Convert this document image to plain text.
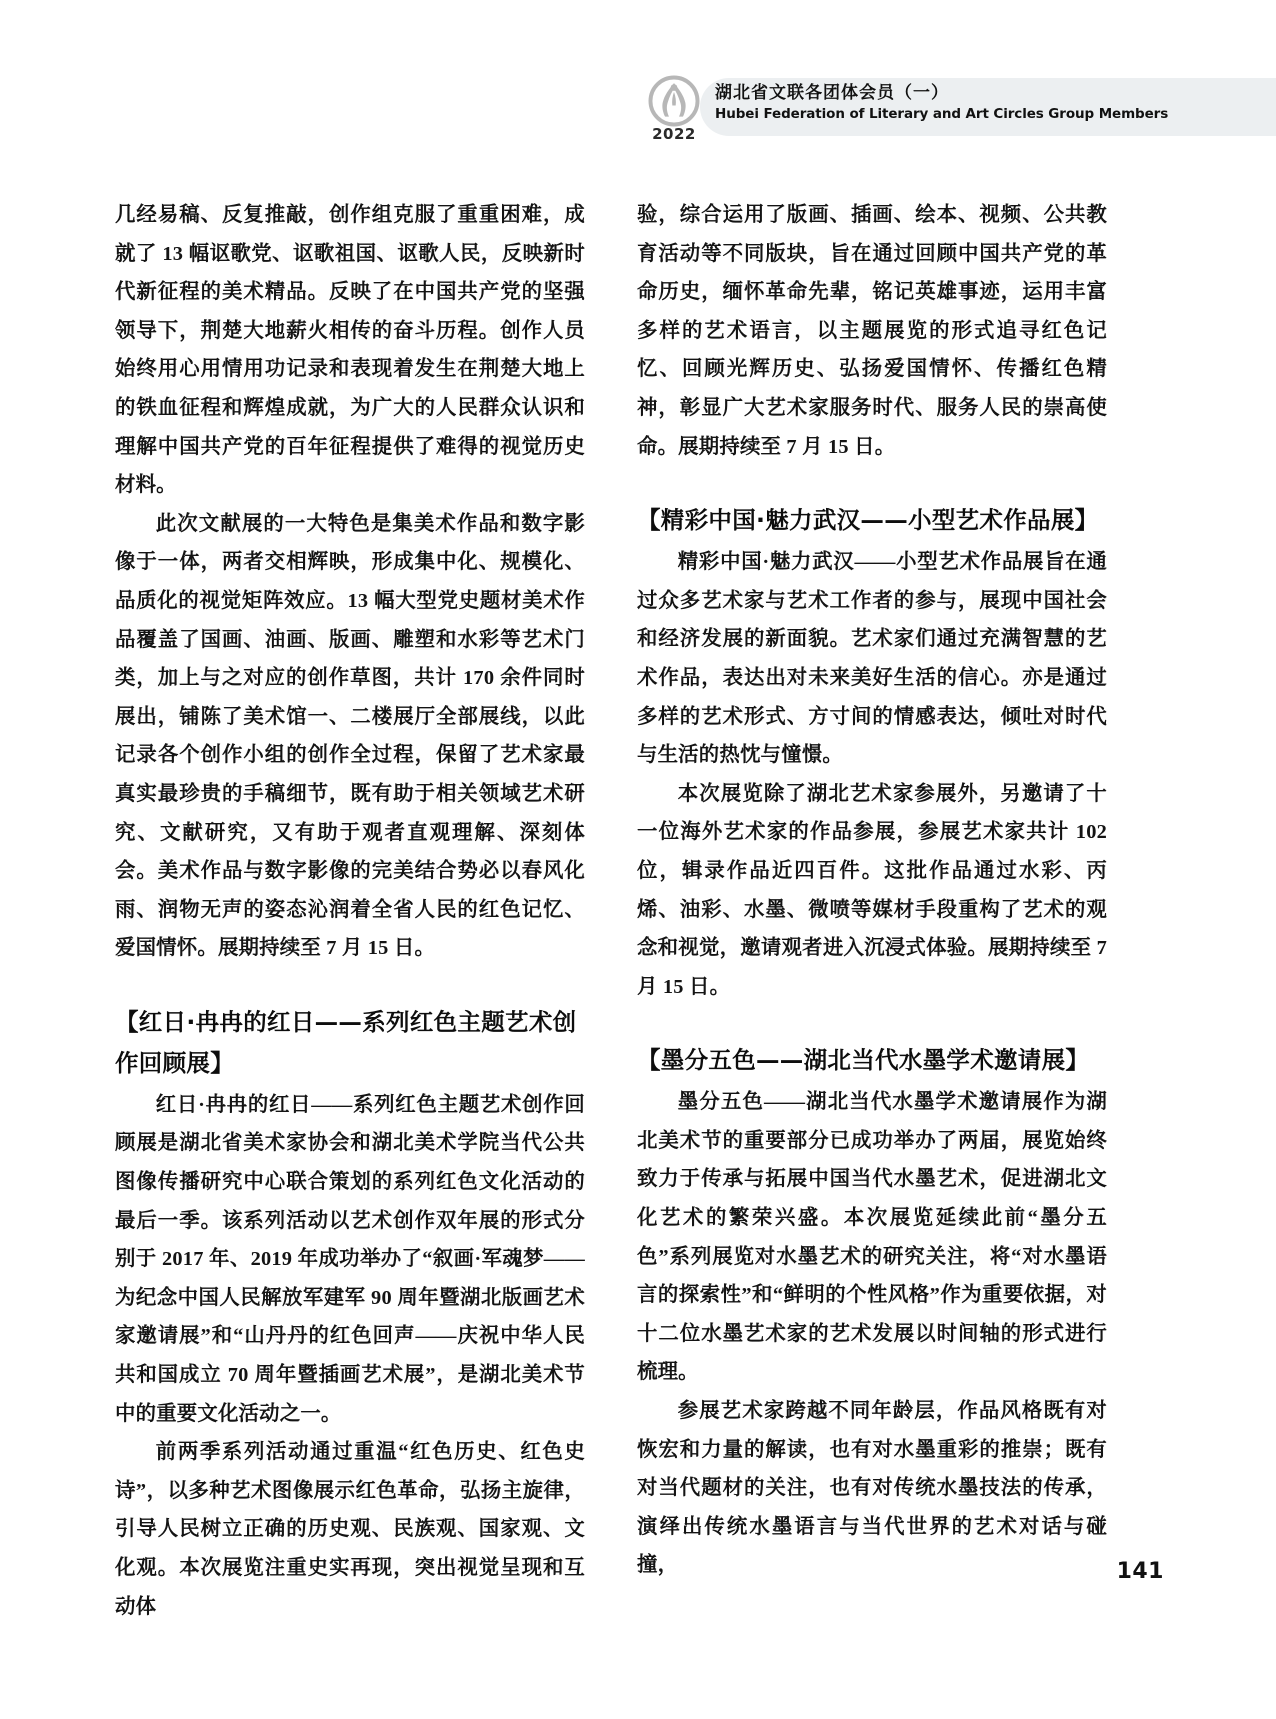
2022
湖北省文联各团体会员（一）
Hubei Federation of Literary and Art Circles Group Members

几经易稿、反复推敲，创作组克服了重重困难，成就了 13 幅讴歌党、讴歌祖国、讴歌人民，反映新时代新征程的美术精品。反映了在中国共产党的坚强领导下，荆楚大地薪火相传的奋斗历程。创作人员始终用心用情用功记录和表现着发生在荆楚大地上的铁血征程和辉煌成就，为广大的人民群众认识和理解中国共产党的百年征程提供了难得的视觉历史材料。

此次文献展的一大特色是集美术作品和数字影像于一体，两者交相辉映，形成集中化、规模化、品质化的视觉矩阵效应。13 幅大型党史题材美术作品覆盖了国画、油画、版画、雕塑和水彩等艺术门类，加上与之对应的创作草图，共计 170 余件同时展出，铺陈了美术馆一、二楼展厅全部展线，以此记录各个创作小组的创作全过程，保留了艺术家最真实最珍贵的手稿细节，既有助于相关领域艺术研究、文献研究，又有助于观者直观理解、深刻体会。美术作品与数字影像的完美结合势必以春风化雨、润物无声的姿态沁润着全省人民的红色记忆、爱国情怀。展期持续至 7 月 15 日。

【红日·冉冉的红日——系列红色主题艺术创作回顾展】

红日·冉冉的红日——系列红色主题艺术创作回顾展是湖北省美术家协会和湖北美术学院当代公共图像传播研究中心联合策划的系列红色文化活动的最后一季。该系列活动以艺术创作双年展的形式分别于 2017 年、2019 年成功举办了“叙画·军魂梦——为纪念中国人民解放军建军 90 周年暨湖北版画艺术家邀请展”和“山丹丹的红色回声——庆祝中华人民共和国成立 70 周年暨插画艺术展”，是湖北美术节中的重要文化活动之一。

前两季系列活动通过重温“红色历史、红色史诗”，以多种艺术图像展示红色革命，弘扬主旋律，引导人民树立正确的历史观、民族观、国家观、文化观。本次展览注重史实再现，突出视觉呈现和互动体

验，综合运用了版画、插画、绘本、视频、公共教育活动等不同版块，旨在通过回顾中国共产党的革命历史，缅怀革命先辈，铭记英雄事迹，运用丰富多样的艺术语言，以主题展览的形式追寻红色记忆、回顾光辉历史、弘扬爱国情怀、传播红色精神，彰显广大艺术家服务时代、服务人民的崇高使命。展期持续至 7 月 15 日。

【精彩中国·魅力武汉——小型艺术作品展】

精彩中国·魅力武汉——小型艺术作品展旨在通过众多艺术家与艺术工作者的参与，展现中国社会和经济发展的新面貌。艺术家们通过充满智慧的艺术作品，表达出对未来美好生活的信心。亦是通过多样的艺术形式、方寸间的情感表达，倾吐对时代与生活的热忱与憧憬。

本次展览除了湖北艺术家参展外，另邀请了十一位海外艺术家的作品参展，参展艺术家共计 102 位，辑录作品近四百件。这批作品通过水彩、丙烯、油彩、水墨、微喷等媒材手段重构了艺术的观念和视觉，邀请观者进入沉浸式体验。展期持续至 7 月 15 日。

【墨分五色——湖北当代水墨学术邀请展】

墨分五色——湖北当代水墨学术邀请展作为湖北美术节的重要部分已成功举办了两届，展览始终致力于传承与拓展中国当代水墨艺术，促进湖北文化艺术的繁荣兴盛。本次展览延续此前“墨分五色”系列展览对水墨艺术的研究关注，将“对水墨语言的探索性”和“鲜明的个性风格”作为重要依据，对十二位水墨艺术家的艺术发展以时间轴的形式进行梳理。

参展艺术家跨越不同年龄层，作品风格既有对恢宏和力量的解读，也有对水墨重彩的推崇；既有对当代题材的关注，也有对传统水墨技法的传承，演绎出传统水墨语言与当代世界的艺术对话与碰撞，	141
